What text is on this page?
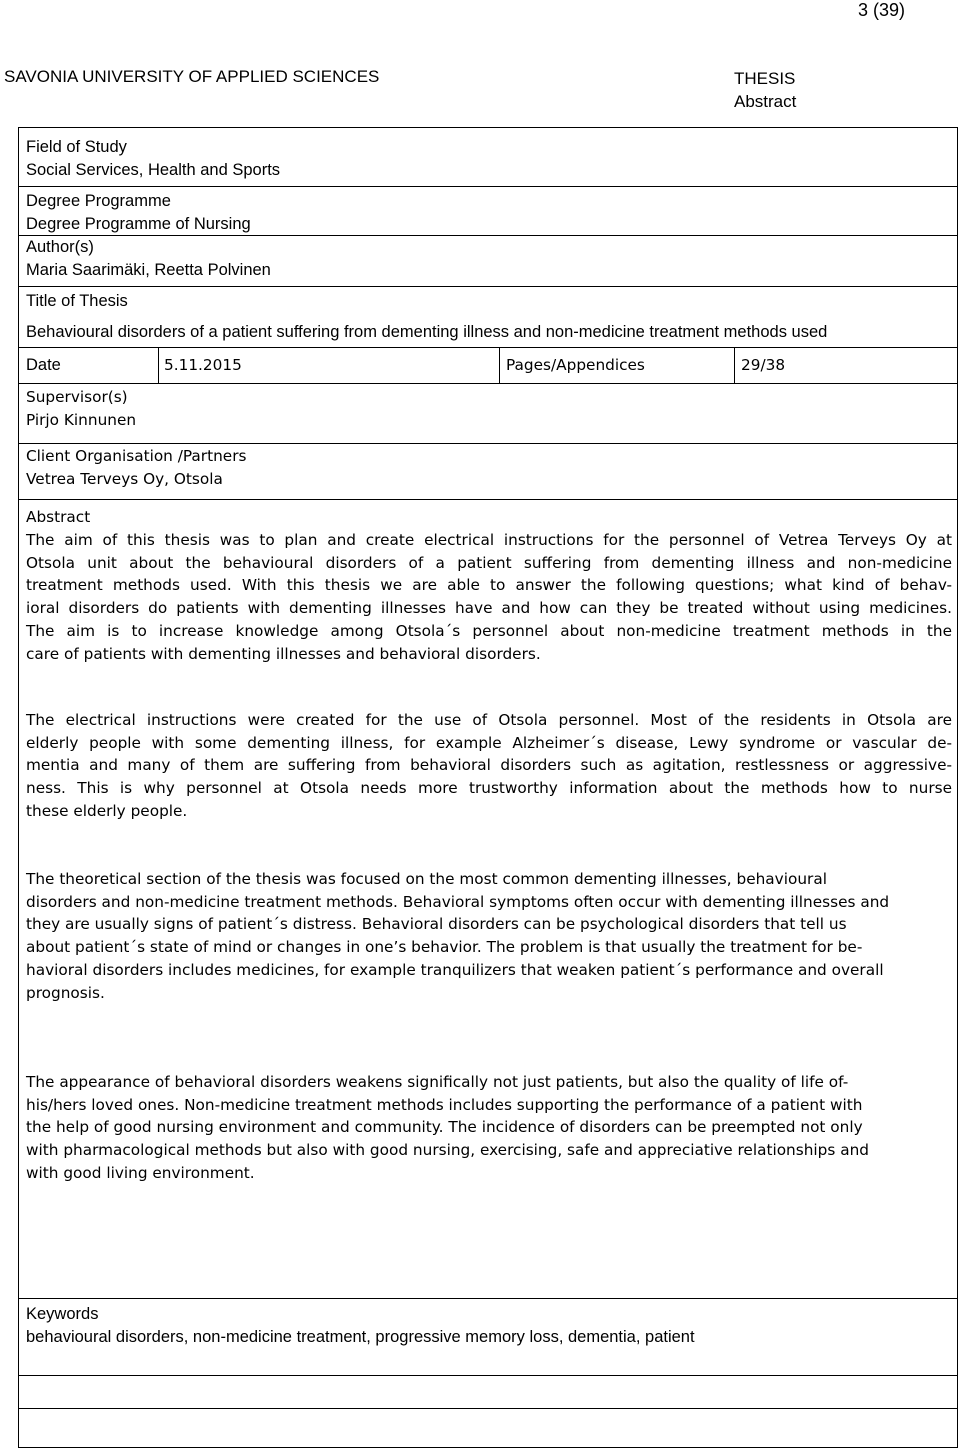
3 (39)
SAVONIA UNIVERSITY OF APPLIED SCIENCES	THESIS
Abstract
Field of Study
Social Services, Health and Sports
Degree Programme
Degree Programme of Nursing
Author(s)
Maria Saarimäki, Reetta Polvinen
Title of Thesis
Behavioural disorders of a patient suffering from dementing illness and non-medicine treatment methods used
Date	5.11.2015	Pages/Appendices	29/38
Supervisor(s)
Pirjo Kinnunen
Client Organisation /Partners
Vetrea Terveys Oy, Otsola
Abstract
The aim of this thesis was to plan and create electrical instructions for the personnel of Vetrea Terveys Oy at
Otsola unit about the behavioural disorders of a patient suffering from dementing illness and non-medicine
treatment methods used. With this thesis we are able to answer the following questions; what kind of behav-
ioral disorders do patients with dementing illnesses have and how can they be treated without using medicines.
The aim is to increase knowledge among Otsola´s personnel about non-medicine treatment methods in the
care of patients with dementing illnesses and behavioral disorders.
The electrical instructions were created for the use of Otsola personnel. Most of the residents in Otsola are
elderly people with some dementing illness, for example Alzheimer´s disease, Lewy syndrome or vascular de-
mentia and many of them are suffering from behavioral disorders such as agitation, restlessness or aggressive-
ness. This is why personnel at Otsola needs more trustworthy information about the methods how to nurse
these elderly people.
The theoretical section of the thesis was focused on the most common dementing illnesses, behavioural
disorders and non-medicine treatment methods. Behavioral symptoms often occur with dementing illnesses and
they are usually signs of patient´s distress. Behavioral disorders can be psychological disorders that tell us
about patient´s state of mind or changes in one’s behavior. The problem is that usually the treatment for be-
havioral disorders includes medicines, for example tranquilizers that weaken patient´s performance and overall
prognosis.
The appearance of behavioral disorders weakens significally not just patients, but also the quality of life of-
his/hers loved ones. Non-medicine treatment methods includes supporting the performance of a patient with
the help of good nursing environment and community. The incidence of disorders can be preempted not only
with pharmacological methods but also with good nursing, exercising, safe and appreciative relationships and
with good living environment.
Keywords
behavioural disorders, non-medicine treatment, progressive memory loss, dementia, patient
